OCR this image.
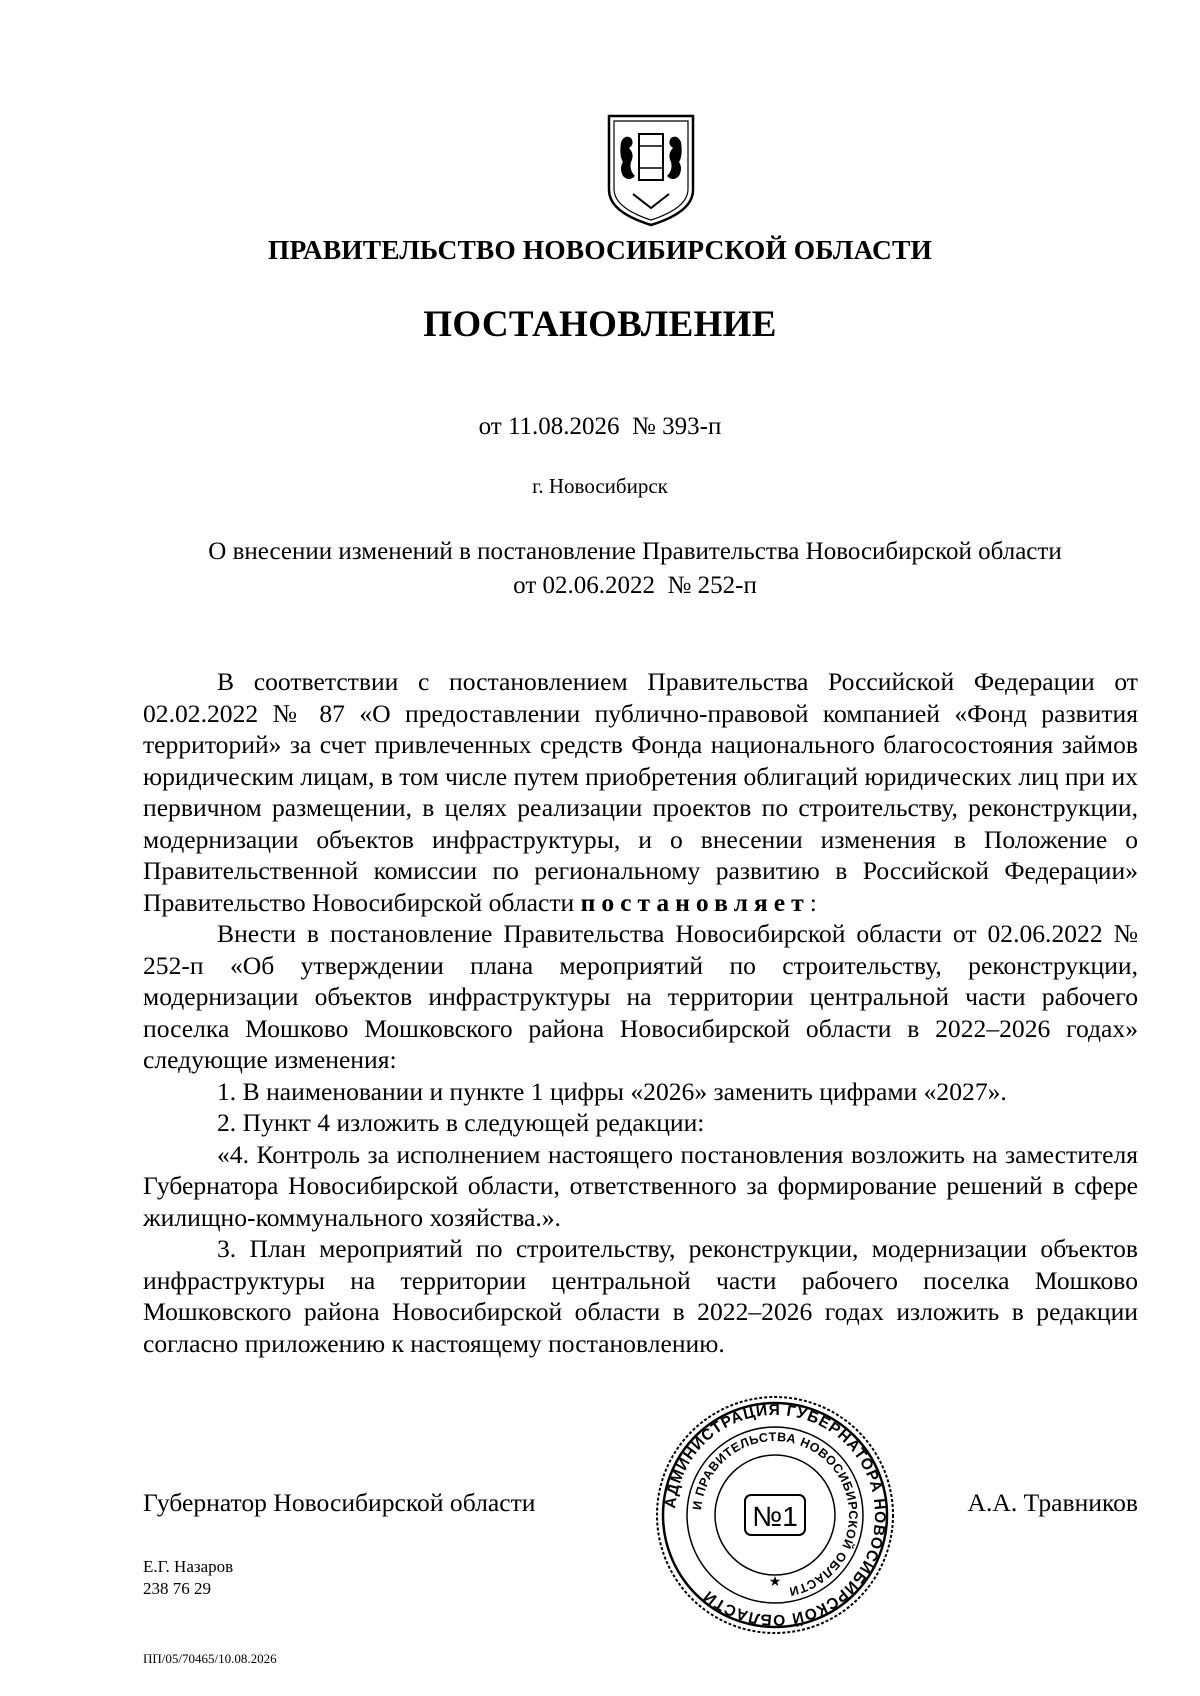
ПРАВИТЕЛЬСТВО НОВОСИБИРСКОЙ ОБЛАСТИ
ПОСТАНОВЛЕНИЕ
от 11.08.2026  № 393-п
г. Новосибирск
О внесении изменений в постановление Правительства Новосибирской области
от 02.06.2022  № 252-п

В соответствии с постановлением Правительства Российской Федерации от 02.02.2022 № 87 «О предоставлении публично-правовой компанией «Фонд развития территорий» за счет привлеченных средств Фонда национального благосостояния займов юридическим лицам, в том числе путем приобретения облигаций юридических лиц при их первичном размещении, в целях реализации проектов по строительству, реконструкции, модернизации объектов инфраструктуры, и о внесении изменения в Положение о Правительственной комиссии по региональному развитию в Российской Федерации» Правительство Новосибирской области постановляет:

Внести в постановление Правительства Новосибирской области от 02.06.2022 № 252-п «Об утверждении плана мероприятий по строительству, реконструкции, модернизации объектов инфраструктуры на территории центральной части рабочего поселка Мошково Мошковского района Новосибирской области в 2022–2026 годах» следующие изменения:

1. В наименовании и пункте 1 цифры «2026» заменить цифрами «2027».

2. Пункт 4 изложить в следующей редакции:

«4. Контроль за исполнением настоящего постановления возложить на заместителя Губернатора Новосибирской области, ответственного за формирование решений в сфере жилищно-коммунального хозяйства.».

3. План мероприятий по строительству, реконструкции, модернизации объектов инфраструктуры на территории центральной части рабочего поселка Мошково Мошковского района Новосибирской области в 2022–2026 годах изложить в редакции согласно приложению к настоящему постановлению.

Губернатор Новосибирской области	А.А. Травников
Е.Г. Назаров
238 76 29
ПП/05/70465/10.08.2026
АДМИНИСТРАЦИЯ ГУБЕРНАТОРА НОВОСИБИРСКОЙ ОБЛАСТИ
И ПРАВИТЕЛЬСТВА НОВОСИБИРСКОЙ ОБЛАСТИ
№1
★
